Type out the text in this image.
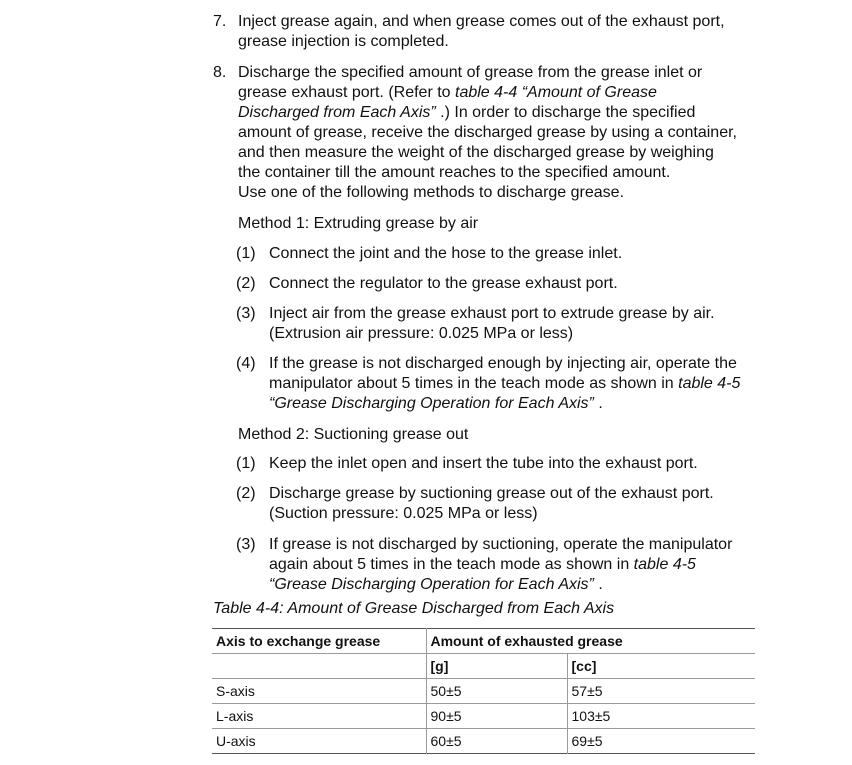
7. Inject grease again, and when grease comes out of the exhaust port,
grease injection is completed.
8. Discharge the specified amount of grease from the grease inlet or
grease exhaust port. (Refer to table 4-4 “Amount of Grease
Discharged from Each Axis” .) In order to discharge the specified
amount of grease, receive the discharged grease by using a container,
and then measure the weight of the discharged grease by weighing
the container till the amount reaches to the specified amount.
Use one of the following methods to discharge grease.
Method 1: Extruding grease by air
(1) Connect the joint and the hose to the grease inlet.
(2) Connect the regulator to the grease exhaust port.
(3) Inject air from the grease exhaust port to extrude grease by air.
(Extrusion air pressure: 0.025 MPa or less)
(4) If the grease is not discharged enough by injecting air, operate the
manipulator about 5 times in the teach mode as shown in table 4-5
“Grease Discharging Operation for Each Axis” .
Method 2: Suctioning grease out
(1) Keep the inlet open and insert the tube into the exhaust port.
(2) Discharge grease by suctioning grease out of the exhaust port.
(Suction pressure: 0.025 MPa or less)
(3) If grease is not discharged by suctioning, operate the manipulator
again about 5 times in the teach mode as shown in table 4-5
“Grease Discharging Operation for Each Axis” .
Table 4-4: Amount of Grease Discharged from Each Axis
Axis to exchange grease	Amount of exhausted grease	
	[g]	[cc]
S-axis	50±5	57±5
L-axis	90±5	103±5
U-axis	60±5	69±5
